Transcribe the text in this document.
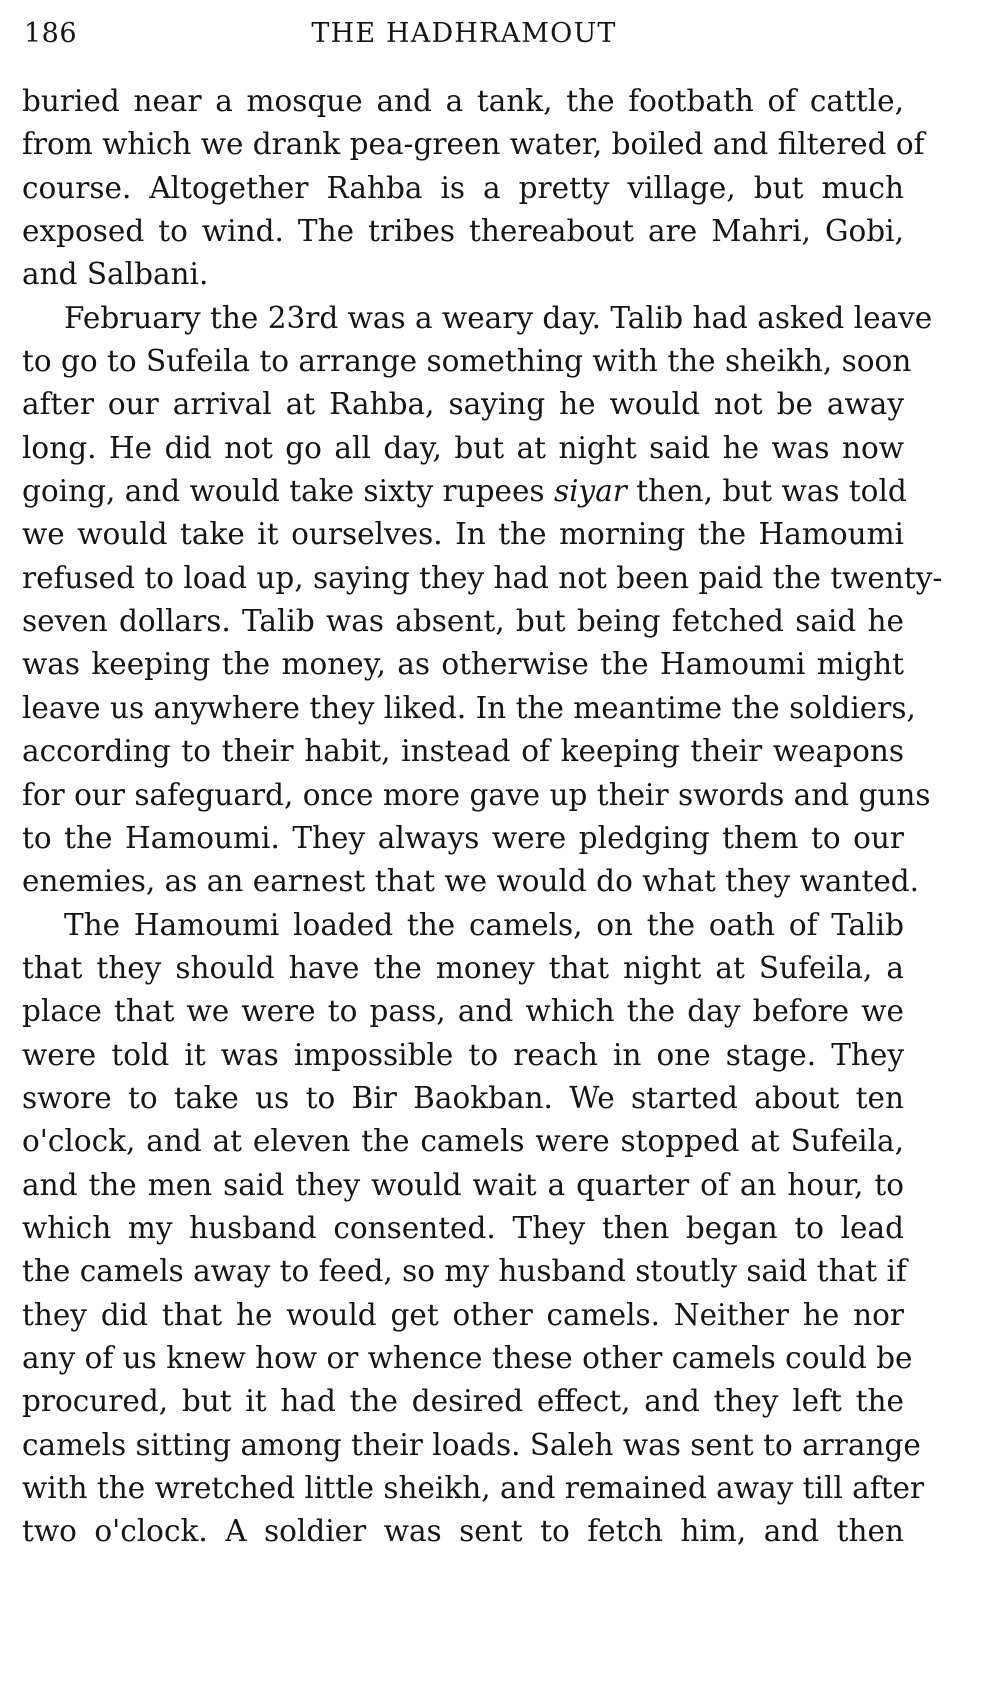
186	THE HADHRAMOUT
buried near a mosque and a tank, the footbath of cattle,
from which we drank pea-green water, boiled and filtered of
course. Altogether Rahba is a pretty village, but much
exposed to wind. The tribes thereabout are Mahri, Gobi,
and Salbani.
February the 23rd was a weary day. Talib had asked leave
to go to Sufeila to arrange something with the sheikh, soon
after our arrival at Rahba, saying he would not be away
long. He did not go all day, but at night said he was now
going, and would take sixty rupees siyar then, but was told
we would take it ourselves. In the morning the Hamoumi
refused to load up, saying they had not been paid the twenty-
seven dollars. Talib was absent, but being fetched said he
was keeping the money, as otherwise the Hamoumi might
leave us anywhere they liked. In the meantime the soldiers,
according to their habit, instead of keeping their weapons
for our safeguard, once more gave up their swords and guns
to the Hamoumi. They always were pledging them to our
enemies, as an earnest that we would do what they wanted.
The Hamoumi loaded the camels, on the oath of Talib
that they should have the money that night at Sufeila, a
place that we were to pass, and which the day before we
were told it was impossible to reach in one stage. They
swore to take us to Bir Baokban. We started about ten
o'clock, and at eleven the camels were stopped at Sufeila,
and the men said they would wait a quarter of an hour, to
which my husband consented. They then began to lead
the camels away to feed, so my husband stoutly said that if
they did that he would get other camels. Neither he nor
any of us knew how or whence these other camels could be
procured, but it had the desired effect, and they left the
camels sitting among their loads. Saleh was sent to arrange
with the wretched little sheikh, and remained away till after
two o'clock. A soldier was sent to fetch him, and then
